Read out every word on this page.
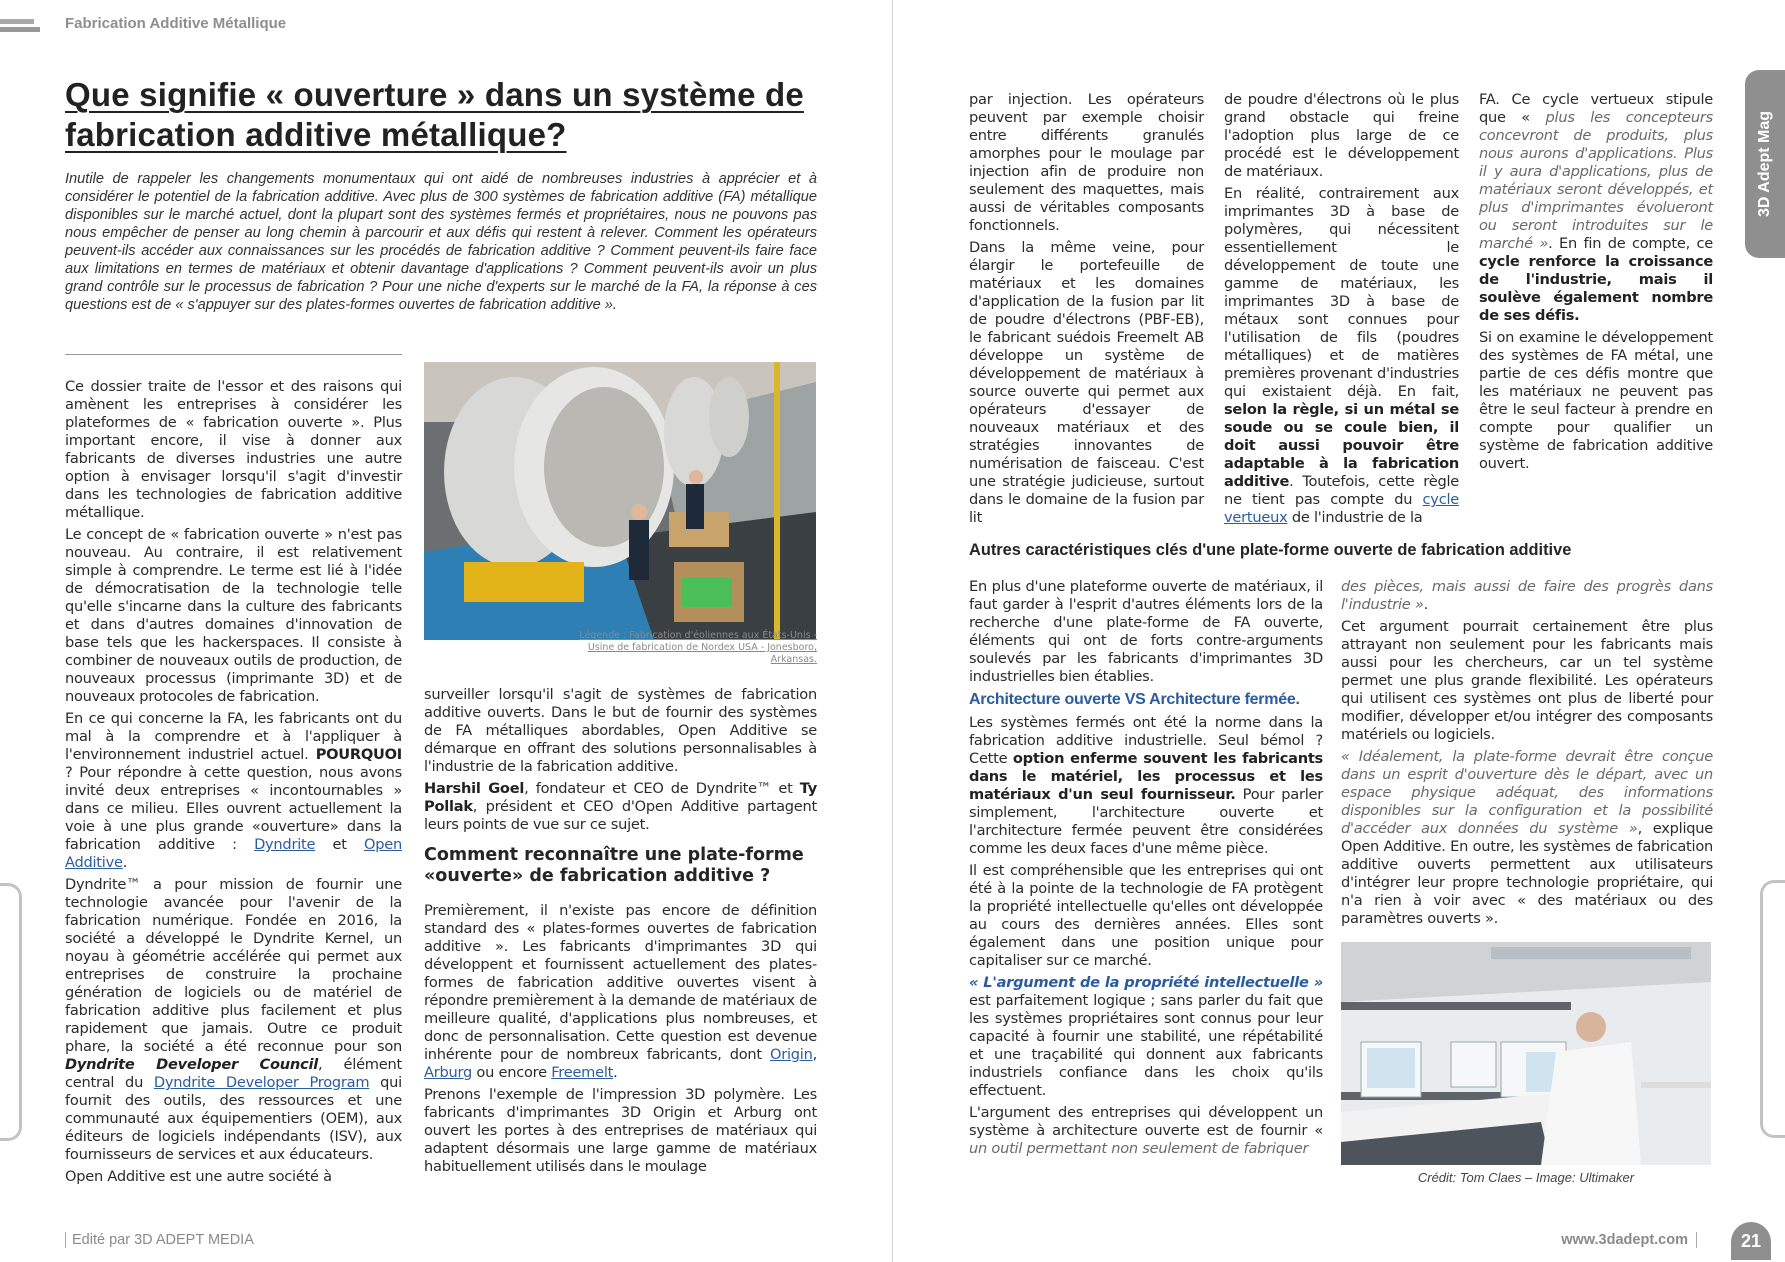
Fabrication Additive Métallique
Que signifie « ouverture » dans un système de fabrication additive métallique?

Inutile de rappeler les changements monumentaux qui ont aidé de nombreuses industries à apprécier et à considérer le potentiel de la fabrication additive. Avec plus de 300 systèmes de fabrication additive (FA) métallique disponibles sur le marché actuel, dont la plupart sont des systèmes fermés et propriétaires, nous ne pouvons pas nous empêcher de penser au long chemin à parcourir et aux défis qui restent à relever. Comment les opérateurs peuvent-ils accéder aux connaissances sur les procédés de fabrication additive ? Comment peuvent-ils faire face aux limitations en termes de matériaux et obtenir davantage d'applications ? Comment peuvent-ils avoir un plus grand contrôle sur le processus de fabrication ? Pour une niche d'experts sur le marché de la FA, la réponse à ces questions est de « s'appuyer sur des plates-formes ouvertes de fabrication additive ».

Ce dossier traite de l'essor et des raisons qui amènent les entreprises à considérer les plateformes de « fabrication ouverte ». Plus important encore, il vise à donner aux fabricants de diverses industries une autre option à envisager lorsqu'il s'agit d'investir dans les technologies de fabrication additive métallique.

Le concept de « fabrication ouverte » n'est pas nouveau. Au contraire, il est relativement simple à comprendre. Le terme est lié à l'idée de démocratisation de la technologie telle qu'elle s'incarne dans la culture des fabricants et dans d'autres domaines d'innovation de base tels que les hackerspaces. Il consiste à combiner de nouveaux outils de production, de nouveaux processus (imprimante 3D) et de nouveaux protocoles de fabrication.

En ce qui concerne la FA, les fabricants ont du mal à la comprendre et à l'appliquer à l'environnement industriel actuel. POURQUOI ? Pour répondre à cette question, nous avons invité deux entreprises « incontournables » dans ce milieu. Elles ouvrent actuellement la voie à une plus grande «ouverture» dans la fabrication additive : Dyndrite et Open Additive.

Dyndrite™ a pour mission de fournir une technologie avancée pour l'avenir de la fabrication numérique. Fondée en 2016, la société a développé le Dyndrite Kernel, un noyau à géométrie accélérée qui permet aux entreprises de construire la prochaine génération de logiciels ou de matériel de fabrication additive plus facilement et plus rapidement que jamais. Outre ce produit phare, la société a été reconnue pour son Dyndrite Developer Council, élément central du Dyndrite Developer Program qui fournit des outils, des ressources et une communauté aux équipementiers (OEM), aux éditeurs de logiciels indépendants (ISV), aux fournisseurs de services et aux éducateurs.

Open Additive est une autre société à

Légende : Fabrication d'éoliennes aux États-Unis - Usine de fabrication de Nordex USA - Jonesboro, Arkansas.

surveiller lorsqu'il s'agit de systèmes de fabrication additive ouverts. Dans le but de fournir des systèmes de FA métalliques abordables, Open Additive se démarque en offrant des solutions personnalisables à l'industrie de la fabrication additive.

Harshil Goel, fondateur et CEO de Dyndrite™ et Ty Pollak, président et CEO d'Open Additive partagent leurs points de vue sur ce sujet.

Comment reconnaître une plate-forme «ouverte» de fabrication additive ?

Premièrement, il n'existe pas encore de définition standard des « plates-formes ouvertes de fabrication additive ». Les fabricants d'imprimantes 3D qui développent et fournissent actuellement des plates-formes de fabrication additive ouvertes visent à répondre premièrement à la demande de matériaux de meilleure qualité, d'applications plus nombreuses, et donc de personnalisation. Cette question est devenue inhérente pour de nombreux fabricants, dont Origin, Arburg ou encore Freemelt.

Prenons l'exemple de l'impression 3D polymère. Les fabricants d'imprimantes 3D Origin et Arburg ont ouvert les portes à des entreprises de matériaux qui adaptent désormais une large gamme de matériaux habituellement utilisés dans le moulage

Edité par 3D ADEPT MEDIA

par injection. Les opérateurs peuvent par exemple choisir entre différents granulés amorphes pour le moulage par injection afin de produire non seulement des maquettes, mais aussi de véritables composants fonctionnels.

Dans la même veine, pour élargir le portefeuille de matériaux et les domaines d'application de la fusion par lit de poudre d'électrons (PBF-EB), le fabricant suédois Freemelt AB développe un système de développement de matériaux à source ouverte qui permet aux opérateurs d'essayer de nouveaux matériaux et des stratégies innovantes de numérisation de faisceau. C'est une stratégie judicieuse, surtout dans le domaine de la fusion par lit

de poudre d'électrons où le plus grand obstacle qui freine l'adoption plus large de ce procédé est le développement de matériaux.

En réalité, contrairement aux imprimantes 3D à base de polymères, qui nécessitent essentiellement le développement de toute une gamme de matériaux, les imprimantes 3D à base de métaux sont connues pour l'utilisation de fils (poudres métalliques) et de matières premières provenant d'industries qui existaient déjà. En fait, selon la règle, si un métal se soude ou se coule bien, il doit aussi pouvoir être adaptable à la fabrication additive. Toutefois, cette règle ne tient pas compte du cycle vertueux de l'industrie de la

FA. Ce cycle vertueux stipule que « plus les concepteurs concevront de produits, plus nous aurons d'applications. Plus il y aura d'applications, plus de matériaux seront développés, et plus d'imprimantes évolueront ou seront introduites sur le marché ». En fin de compte, ce cycle renforce la croissance de l'industrie, mais il soulève également nombre de ses défis.

Si on examine le développement des systèmes de FA métal, une partie de ces défis montre que les matériaux ne peuvent pas être le seul facteur à prendre en compte pour qualifier un système de fabrication additive ouvert.

Autres caractéristiques clés d'une plate-forme ouverte de fabrication additive

En plus d'une plateforme ouverte de matériaux, il faut garder à l'esprit d'autres éléments lors de la recherche d'une plate-forme de FA ouverte, éléments qui ont de forts contre-arguments soulevés par les fabricants d'imprimantes 3D industrielles bien établies.

Architecture ouverte VS Architecture fermée.

Les systèmes fermés ont été la norme dans la fabrication additive industrielle. Seul bémol ? Cette option enferme souvent les fabricants dans le matériel, les processus et les matériaux d'un seul fournisseur. Pour parler simplement, l'architecture ouverte et l'architecture fermée peuvent être considérées comme les deux faces d'une même pièce.

Il est compréhensible que les entreprises qui ont été à la pointe de la technologie de FA protègent la propriété intellectuelle qu'elles ont développée au cours des dernières années. Elles sont également dans une position unique pour capitaliser sur ce marché.

« L'argument de la propriété intellectuelle » est parfaitement logique ; sans parler du fait que les systèmes propriétaires sont connus pour leur capacité à fournir une stabilité, une répétabilité et une traçabilité qui donnent aux fabricants industriels confiance dans les choix qu'ils effectuent.

L'argument des entreprises qui développent un système à architecture ouverte est de fournir « un outil permettant non seulement de fabriquer

des pièces, mais aussi de faire des progrès dans l'industrie ».

Cet argument pourrait certainement être plus attrayant non seulement pour les fabricants mais aussi pour les chercheurs, car un tel système permet une plus grande flexibilité. Les opérateurs qui utilisent ces systèmes ont plus de liberté pour modifier, développer et/ou intégrer des composants matériels ou logiciels.

« Idéalement, la plate-forme devrait être conçue dans un esprit d'ouverture dès le départ, avec un espace physique adéquat, des informations disponibles sur la configuration et la possibilité d'accéder aux données du système », explique Open Additive. En outre, les systèmes de fabrication additive ouverts permettent aux utilisateurs d'intégrer leur propre technologie propriétaire, qui n'a rien à voir avec « des matériaux ou des paramètres ouverts ».

Crédit: Tom Claes – Image: Ultimaker
3D Adept Mag
www.3dadept.com	21
